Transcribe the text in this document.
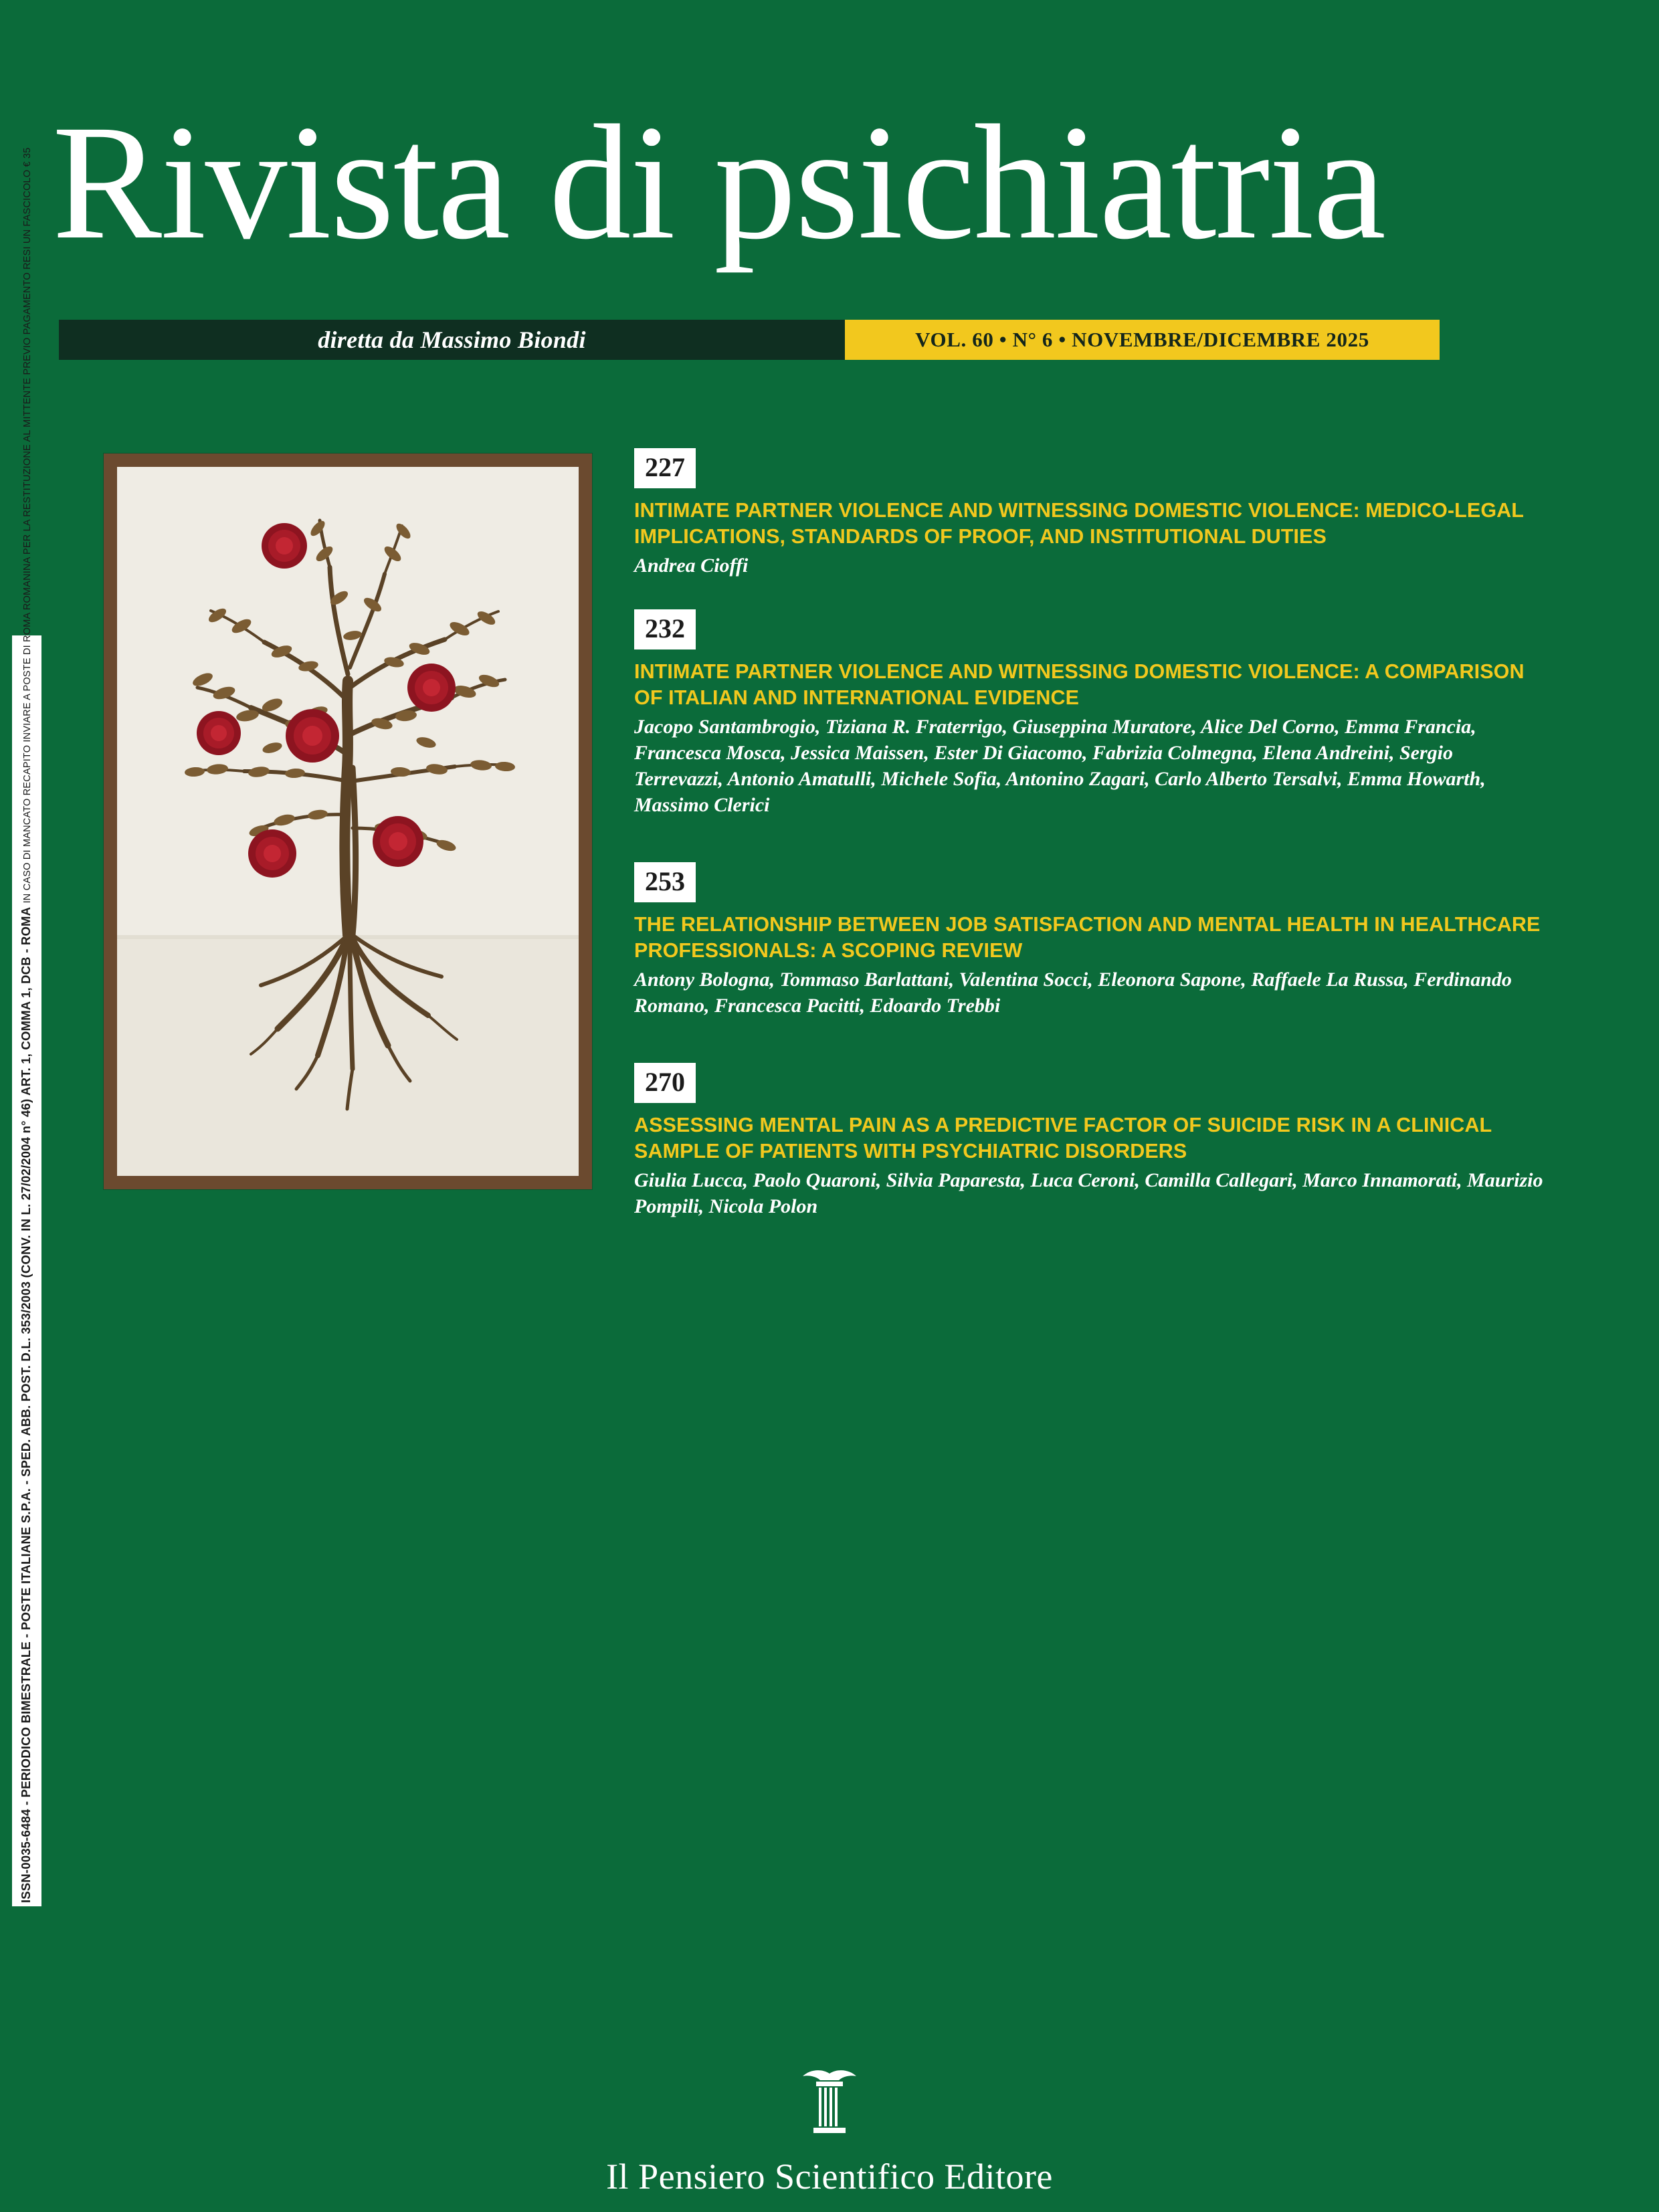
Rivista di psichiatria
diretta da Massimo Biondi	VOL. 60 • N° 6 • NOVEMBRE/DICEMBRE 2025
ISSN-0035-6484 - PERIODICO BIMESTRALE - POSTE ITALIANE S.P.A. - SPED. ABB. POST. D.L. 353/2003 (CONV. IN L. 27/02/2004 n° 46) ART. 1, COMMA 1, DCB - ROMA IN CASO DI MANCATO RECAPITO INVIARE A POSTE DI ROMA ROMANINA PER LA RESTITUZIONE AL MITTENTE PREVIO PAGAMENTO RESI UN FASCICOLO € 35	227

INTIMATE PARTNER VIOLENCE AND WITNESSING DOMESTIC VIOLENCE: MEDICO-LEGAL IMPLICATIONS, STANDARDS OF PROOF, AND INSTITUTIONAL DUTIES

Andrea Cioffi

232

INTIMATE PARTNER VIOLENCE AND WITNESSING DOMESTIC VIOLENCE: A COMPARISON OF ITALIAN AND INTERNATIONAL EVIDENCE

Jacopo Santambrogio, Tiziana R. Fraterrigo, Giuseppina Muratore, Alice Del Corno, Emma Francia, Francesca Mosca, Jessica Maissen, Ester Di Giacomo, Fabrizia Colmegna, Elena Andreini, Sergio Terrevazzi, Antonio Amatulli, Michele Sofia, Antonino Zagari, Carlo Alberto Tersalvi, Emma Howarth, Massimo Clerici

253

THE RELATIONSHIP BETWEEN JOB SATISFACTION AND MENTAL HEALTH IN HEALTHCARE PROFESSIONALS: A SCOPING REVIEW

Antony Bologna, Tommaso Barlattani, Valentina Socci, Eleonora Sapone, Raffaele La Russa, Ferdinando Romano, Francesca Pacitti, Edoardo Trebbi

270

ASSESSING MENTAL PAIN AS A PREDICTIVE FACTOR OF SUICIDE RISK IN A CLINICAL SAMPLE OF PATIENTS WITH PSYCHIATRIC DISORDERS

Giulia Lucca, Paolo Quaroni, Silvia Paparesta, Luca Ceroni, Camilla Callegari, Marco Innamorati, Maurizio Pompili, Nicola Polon

Il Pensiero Scientifico Editore
